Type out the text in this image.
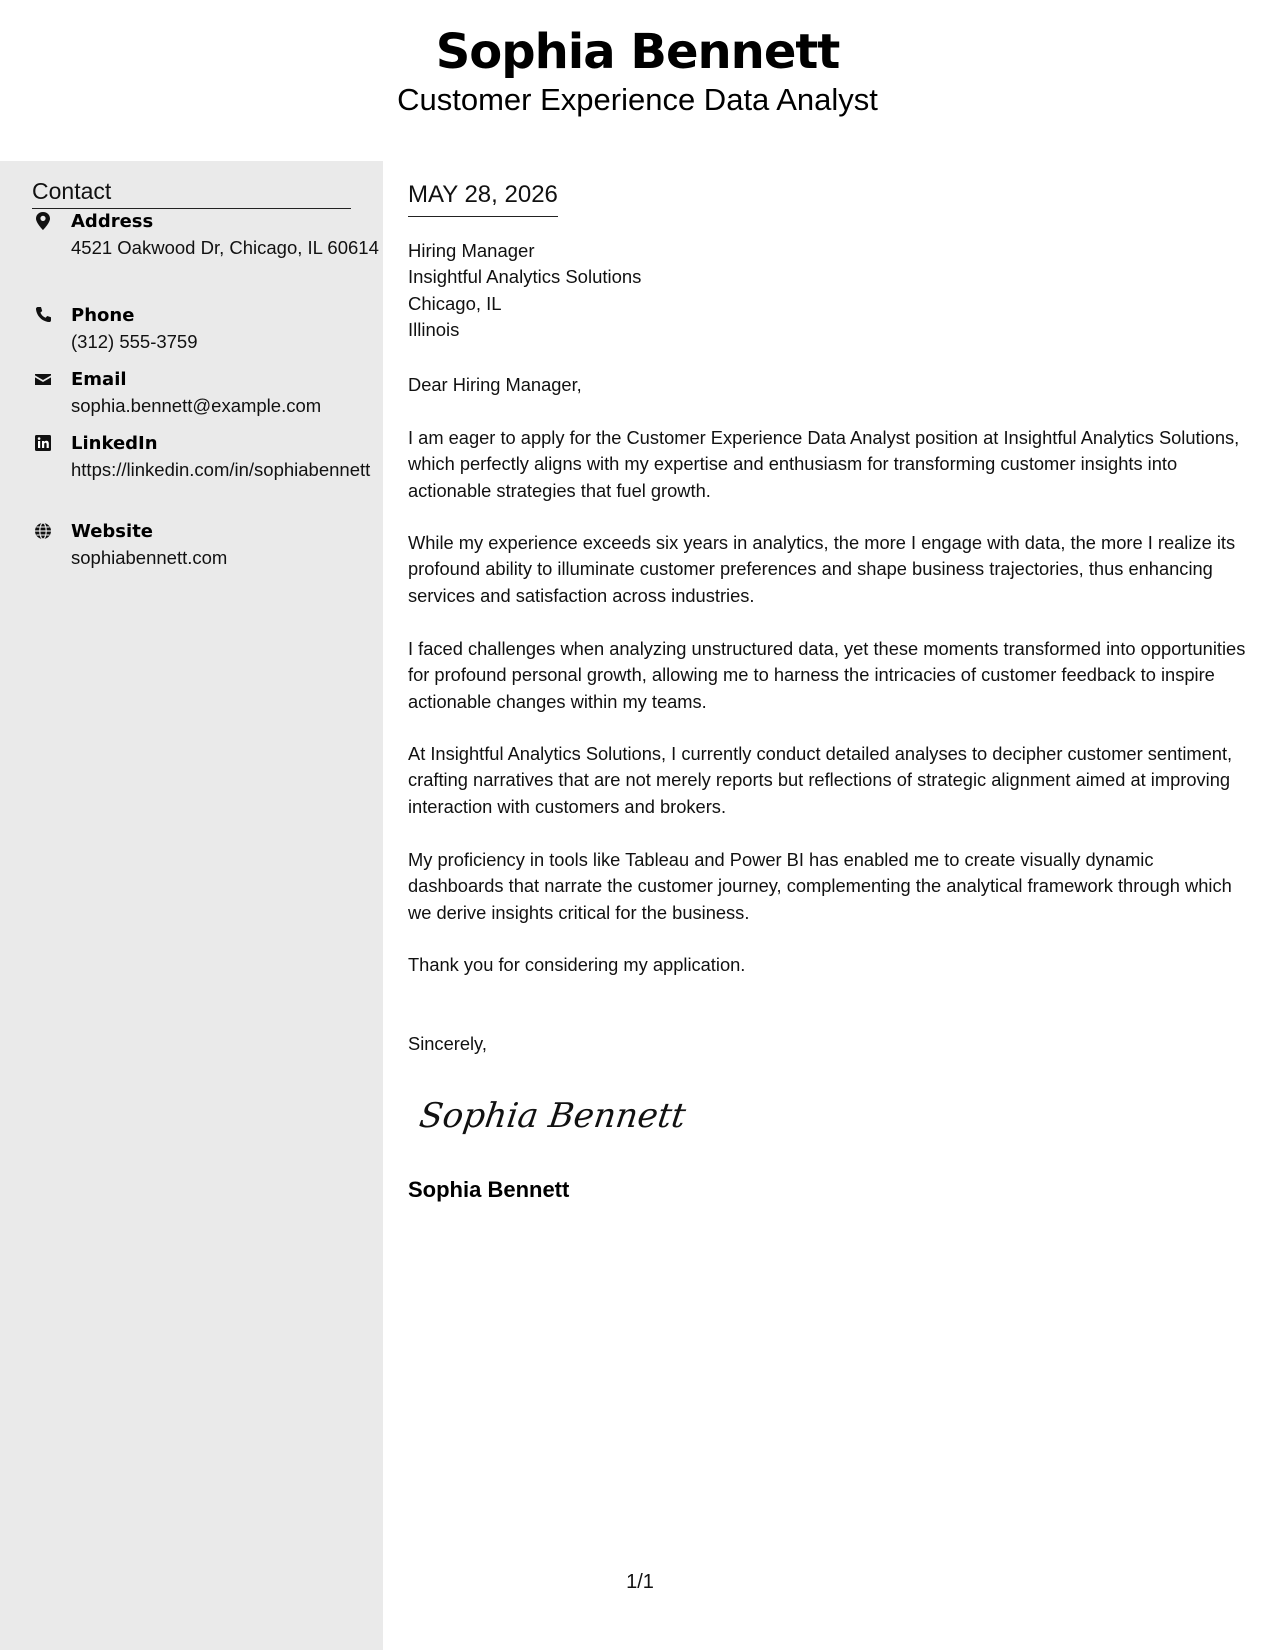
Sophia Bennett
Customer Experience Data Analyst
Contact
Address
4521 Oakwood Dr, Chicago, IL 60614
Phone
(312) 555-3759
Email
sophia.bennett@example.com
LinkedIn
https://linkedin.com/in/sophiabennett
Website
sophiabennett.com
MAY 28, 2026
Hiring Manager
Insightful Analytics Solutions
Chicago, IL
Illinois
Dear Hiring Manager,
I am eager to apply for the Customer Experience Data Analyst position at Insightful Analytics Solutions, which perfectly aligns with my expertise and enthusiasm for transforming customer insights into actionable strategies that fuel growth.
While my experience exceeds six years in analytics, the more I engage with data, the more I realize its profound ability to illuminate customer preferences and shape business trajectories, thus enhancing services and satisfaction across industries.
I faced challenges when analyzing unstructured data, yet these moments transformed into opportunities for profound personal growth, allowing me to harness the intricacies of customer feedback to inspire actionable changes within my teams.
At Insightful Analytics Solutions, I currently conduct detailed analyses to decipher customer sentiment, crafting narratives that are not merely reports but reflections of strategic alignment aimed at improving interaction with customers and brokers.
My proficiency in tools like Tableau and Power BI has enabled me to create visually dynamic dashboards that narrate the customer journey, complementing the analytical framework through which we derive insights critical for the business.
Thank you for considering my application.
Sincerely,
Sophia Bennett
Sophia Bennett
1/1
